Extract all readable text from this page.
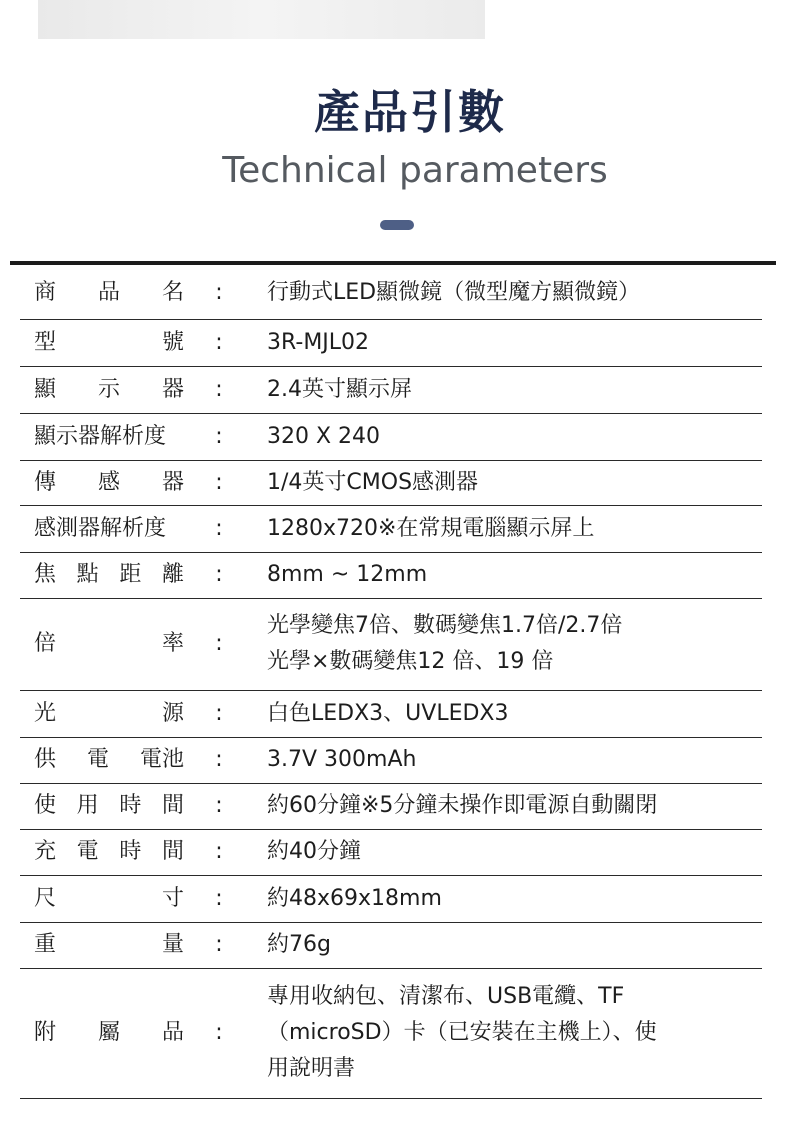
產品引數
Technical parameters
商 品 名	:	行動式LED顯微鏡（微型魔方顯微鏡）

型 號	:	3R-MJL02

顯 示 器	:	2.4英寸顯示屏

顯示器解析度	:	320 X 240

傳 感 器	:	1/4英寸CMOS感測器

感測器解析度	:	1280x720※在常規電腦顯示屏上

焦 點 距 離	:	8mm ~ 12mm

倍 率	:	光學變焦7倍、數碼變焦1.7倍/2.7倍
光學×數碼變焦12 倍、19 倍

光 源	:	白色LEDX3、UVLEDX3

供 電 電池	:	3.7V 300mAh

使 用 時 間	:	約60分鐘※5分鐘未操作即電源自動關閉

充 電 時 間	:	約40分鐘

尺 寸	:	約48x69x18mm

重 量	:	約76g

附 屬 品	:	專用收納包、清潔布、USB電纜、TF
（microSD）卡（已安裝在主機上）、使
用說明書
